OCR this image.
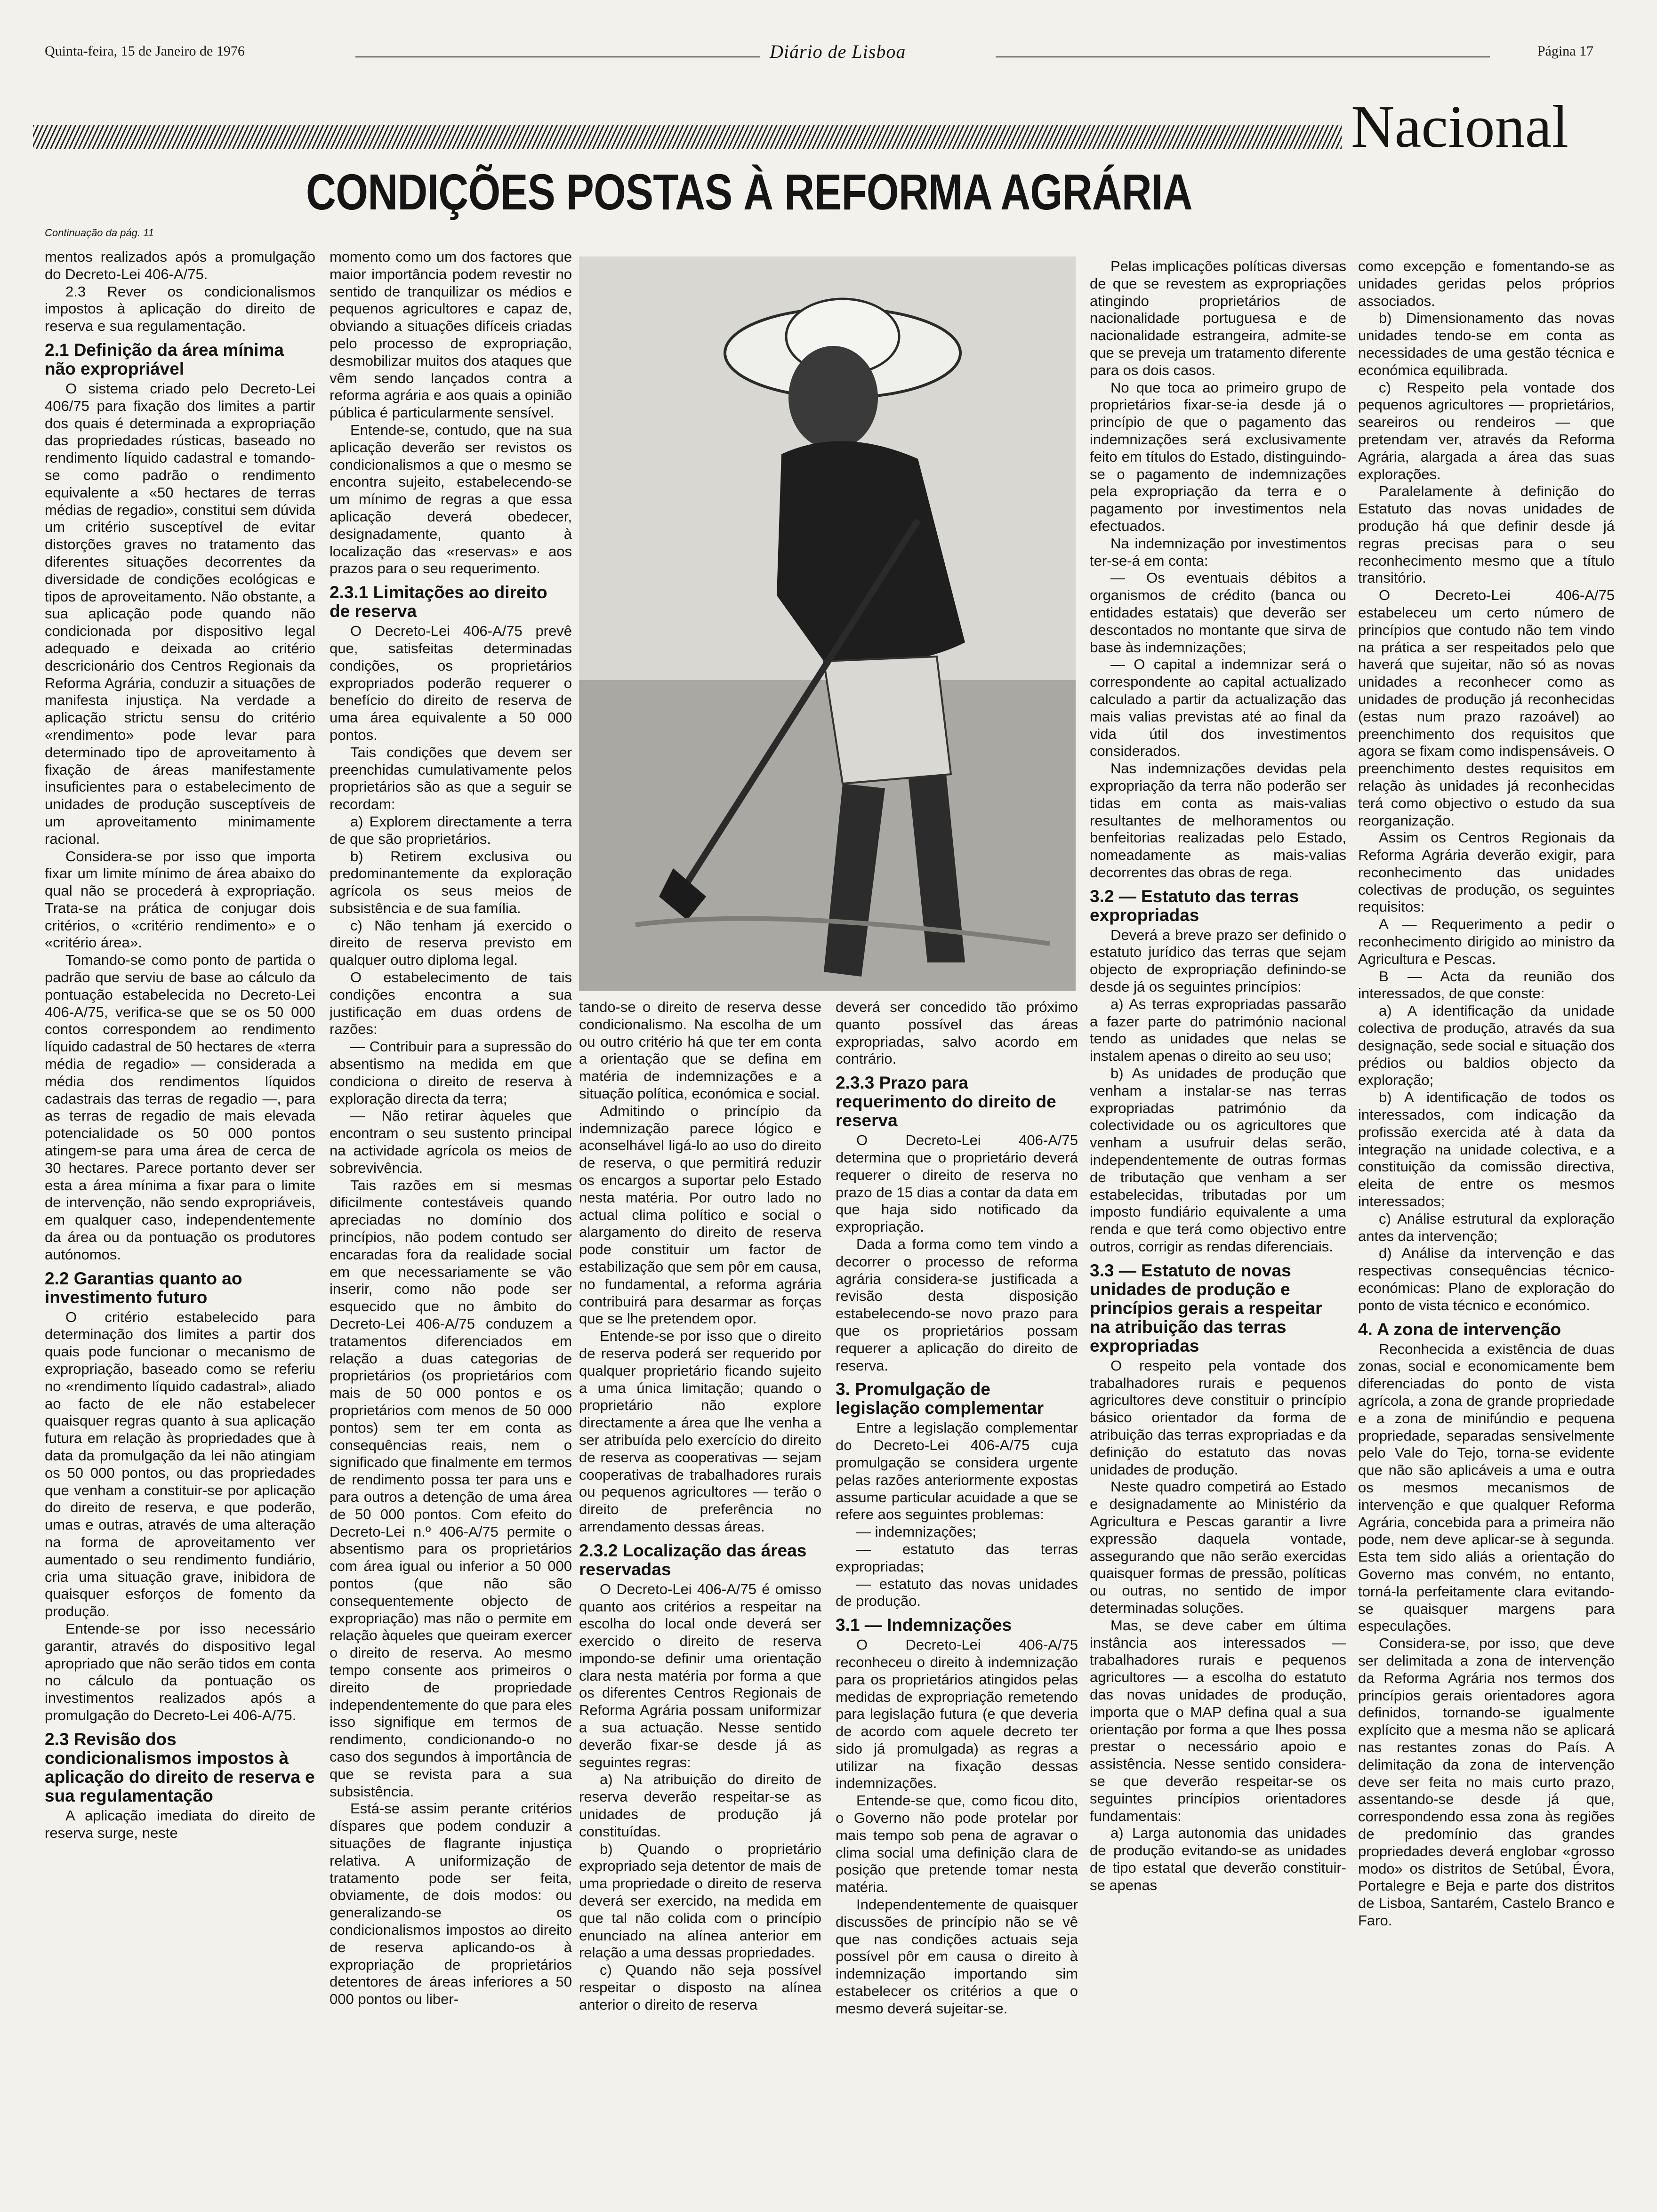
Quinta-feira, 15 de Janeiro de 1976	Diário de Lisboa	Página 17
Nacional
CONDIÇÕES POSTAS À REFORMA AGRÁRIA
Continuação da pág. 11

mentos realizados após a promulgação do Decreto-Lei 406-A/75.

2.3 Rever os condicionalismos impostos à aplicação do direito de reserva e sua regulamentação.

2.1 Definição da área mínima não expropriável

O sistema criado pelo Decreto-Lei 406/75 para fixação dos limites a partir dos quais é determinada a expropriação das propriedades rústicas, baseado no rendimento líquido cadastral e tomando-se como padrão o rendimento equivalente a «50 hectares de terras médias de regadio», constitui sem dúvida um critério susceptível de evitar distorções graves no tratamento das diferentes situações decorrentes da diversidade de condições ecológicas e tipos de aproveitamento. Não obstante, a sua aplicação pode quando não condicionada por dispositivo legal adequado e deixada ao critério descricionário dos Centros Regionais da Reforma Agrária, conduzir a situações de manifesta injustiça. Na verdade a aplicação strictu sensu do critério «rendimento» pode levar para determinado tipo de aproveitamento à fixação de áreas manifestamente insuficientes para o estabelecimento de unidades de produção susceptíveis de um aproveitamento minimamente racional.

Considera-se por isso que importa fixar um limite mínimo de área abaixo do qual não se procederá à expropriação. Trata-se na prática de conjugar dois critérios, o «critério rendimento» e o «critério área».

Tomando-se como ponto de partida o padrão que serviu de base ao cálculo da pontuação estabelecida no Decreto-Lei 406-A/75, verifica-se que se os 50 000 contos correspondem ao rendimento líquido cadastral de 50 hectares de «terra média de regadio» — considerada a média dos rendimentos líquidos cadastrais das terras de regadio —, para as terras de regadio de mais elevada potencialidade os 50 000 pontos atingem-se para uma área de cerca de 30 hectares. Parece portanto dever ser esta a área mínima a fixar para o limite de intervenção, não sendo expropriáveis, em qualquer caso, independentemente da área ou da pontuação os produtores autónomos.

2.2 Garantias quanto ao investimento futuro

O critério estabelecido para determinação dos limites a partir dos quais pode funcionar o mecanismo de expropriação, baseado como se referiu no «rendimento líquido cadastral», aliado ao facto de ele não estabelecer quaisquer regras quanto à sua aplicação futura em relação às propriedades que à data da promulgação da lei não atingiam os 50 000 pontos, ou das propriedades que venham a constituir-se por aplicação do direito de reserva, e que poderão, umas e outras, através de uma alteração na forma de aproveitamento ver aumentado o seu rendimento fundiário, cria uma situação grave, inibidora de quaisquer esforços de fomento da produção.

Entende-se por isso necessário garantir, através do dispositivo legal apropriado que não serão tidos em conta no cálculo da pontuação os investimentos realizados após a promulgação do Decreto-Lei 406-A/75.

2.3 Revisão dos condicionalismos impostos à aplicação do direito de reserva e sua regulamentação

A aplicação imediata do direito de reserva surge, neste

momento como um dos factores que maior importância podem revestir no sentido de tranquilizar os médios e pequenos agricultores e capaz de, obviando a situações difíceis criadas pelo processo de expropriação, desmobilizar muitos dos ataques que vêm sendo lançados contra a reforma agrária e aos quais a opinião pública é particularmente sensível.

Entende-se, contudo, que na sua aplicação deverão ser revistos os condicionalismos a que o mesmo se encontra sujeito, estabelecendo-se um mínimo de regras a que essa aplicação deverá obedecer, designadamente, quanto à localização das «reservas» e aos prazos para o seu requerimento.

2.3.1 Limitações ao direito de reserva

O Decreto-Lei 406-A/75 prevê que, satisfeitas determinadas condições, os proprietários expropriados poderão requerer o benefício do direito de reserva de uma área equivalente a 50 000 pontos.

Tais condições que devem ser preenchidas cumulativamente pelos proprietários são as que a seguir se recordam:

a) Explorem directamente a terra de que são proprietários.

b) Retirem exclusiva ou predominantemente da exploração agrícola os seus meios de subsistência e de sua família.

c) Não tenham já exercido o direito de reserva previsto em qualquer outro diploma legal.

O estabelecimento de tais condições encontra a sua justificação em duas ordens de razões:

— Contribuir para a supressão do absentismo na medida em que condiciona o direito de reserva à exploração directa da terra;

— Não retirar àqueles que encontram o seu sustento principal na actividade agrícola os meios de sobrevivência.

Tais razões em si mesmas dificilmente contestáveis quando apreciadas no domínio dos princípios, não podem contudo ser encaradas fora da realidade social em que necessariamente se vão inserir, como não pode ser esquecido que no âmbito do Decreto-Lei 406-A/75 conduzem a tratamentos diferenciados em relação a duas categorias de proprietários (os proprietários com mais de 50 000 pontos e os proprietários com menos de 50 000 pontos) sem ter em conta as consequências reais, nem o significado que finalmente em termos de rendimento possa ter para uns e para outros a detenção de uma área de 50 000 pontos. Com efeito do Decreto-Lei n.º 406-A/75 permite o absentismo para os proprietários com área igual ou inferior a 50 000 pontos (que não são consequentemente objecto de expropriação) mas não o permite em relação àqueles que queiram exercer o direito de reserva. Ao mesmo tempo consente aos primeiros o direito de propriedade independentemente do que para eles isso signifique em termos de rendimento, condicionando-o no caso dos segundos à importância de que se revista para a sua subsistência.

Está-se assim perante critérios díspares que podem conduzir a situações de flagrante injustiça relativa. A uniformização de tratamento pode ser feita, obviamente, de dois modos: ou generalizando-se os condicionalismos impostos ao direito de reserva aplicando-os à expropriação de proprietários detentores de áreas inferiores a 50 000 pontos ou liber-

tando-se o direito de reserva desse condicionalismo. Na escolha de um ou outro critério há que ter em conta a orientação que se defina em matéria de indemnizações e a situação política, económica e social.

Admitindo o princípio da indemnização parece lógico e aconselhável ligá-lo ao uso do direito de reserva, o que permitirá reduzir os encargos a suportar pelo Estado nesta matéria. Por outro lado no actual clima político e social o alargamento do direito de reserva pode constituir um factor de estabilização que sem pôr em causa, no fundamental, a reforma agrária contribuirá para desarmar as forças que se lhe pretendem opor.

Entende-se por isso que o direito de reserva poderá ser requerido por qualquer proprietário ficando sujeito a uma única limitação; quando o proprietário não explore directamente a área que lhe venha a ser atribuída pelo exercício do direito de reserva as cooperativas — sejam cooperativas de trabalhadores rurais ou pequenos agricultores — terão o direito de preferência no arrendamento dessas áreas.

2.3.2 Localização das áreas reservadas

O Decreto-Lei 406-A/75 é omisso quanto aos critérios a respeitar na escolha do local onde deverá ser exercido o direito de reserva impondo-se definir uma orientação clara nesta matéria por forma a que os diferentes Centros Regionais de Reforma Agrária possam uniformizar a sua actuação. Nesse sentido deverão fixar-se desde já as seguintes regras:

a) Na atribuição do direito de reserva deverão respeitar-se as unidades de produção já constituídas.

b) Quando o proprietário expropriado seja detentor de mais de uma propriedade o direito de reserva deverá ser exercido, na medida em que tal não colida com o princípio enunciado na alínea anterior em relação a uma dessas propriedades.

c) Quando não seja possível respeitar o disposto na alínea anterior o direito de reserva

deverá ser concedido tão próximo quanto possível das áreas expropriadas, salvo acordo em contrário.

2.3.3 Prazo para requerimento do direito de reserva

O Decreto-Lei 406-A/75 determina que o proprietário deverá requerer o direito de reserva no prazo de 15 dias a contar da data em que haja sido notificado da expropriação.

Dada a forma como tem vindo a decorrer o processo de reforma agrária considera-se justificada a revisão desta disposição estabelecendo-se novo prazo para que os proprietários possam requerer a aplicação do direito de reserva.

3. Promulgação de legislação complementar

Entre a legislação complementar do Decreto-Lei 406-A/75 cuja promulgação se considera urgente pelas razões anteriormente expostas assume particular acuidade a que se refere aos seguintes problemas:

— indemnizações;

— estatuto das terras expropriadas;

— estatuto das novas unidades de produção.

3.1 — Indemnizações

O Decreto-Lei 406-A/75 reconheceu o direito à indemnização para os proprietários atingidos pelas medidas de expropriação remetendo para legislação futura (e que deveria de acordo com aquele decreto ter sido já promulgada) as regras a utilizar na fixação dessas indemnizações.

Entende-se que, como ficou dito, o Governo não pode protelar por mais tempo sob pena de agravar o clima social uma definição clara de posição que pretende tomar nesta matéria.

Independentemente de quaisquer discussões de princípio não se vê que nas condições actuais seja possível pôr em causa o direito à indemnização importando sim estabelecer os critérios a que o mesmo deverá sujeitar-se.

Pelas implicações políticas diversas de que se revestem as expropriações atingindo proprietários de nacionalidade portuguesa e de nacionalidade estrangeira, admite-se que se preveja um tratamento diferente para os dois casos.

No que toca ao primeiro grupo de proprietários fixar-se-ia desde já o princípio de que o pagamento das indemnizações será exclusivamente feito em títulos do Estado, distinguindo-se o pagamento de indemnizações pela expropriação da terra e o pagamento por investimentos nela efectuados.

Na indemnização por investimentos ter-se-á em conta:

— Os eventuais débitos a organismos de crédito (banca ou entidades estatais) que deverão ser descontados no montante que sirva de base às indemnizações;

— O capital a indemnizar será o correspondente ao capital actualizado calculado a partir da actualização das mais valias previstas até ao final da vida útil dos investimentos considerados.

Nas indemnizações devidas pela expropriação da terra não poderão ser tidas em conta as mais-valias resultantes de melhoramentos ou benfeitorias realizadas pelo Estado, nomeadamente as mais-valias decorrentes das obras de rega.

3.2 — Estatuto das terras expropriadas

Deverá a breve prazo ser definido o estatuto jurídico das terras que sejam objecto de expropriação definindo-se desde já os seguintes princípios:

a) As terras expropriadas passarão a fazer parte do património nacional tendo as unidades que nelas se instalem apenas o direito ao seu uso;

b) As unidades de produção que venham a instalar-se nas terras expropriadas património da colectividade ou os agricultores que venham a usufruir delas serão, independentemente de outras formas de tributação que venham a ser estabelecidas, tributadas por um imposto fundiário equivalente a uma renda e que terá como objectivo entre outros, corrigir as rendas diferenciais.

3.3 — Estatuto de novas unidades de produção e princípios gerais a respeitar na atribuição das terras expropriadas

O respeito pela vontade dos trabalhadores rurais e pequenos agricultores deve constituir o princípio básico orientador da forma de atribuição das terras expropriadas e da definição do estatuto das novas unidades de produção.

Neste quadro competirá ao Estado e designadamente ao Ministério da Agricultura e Pescas garantir a livre expressão daquela vontade, assegurando que não serão exercidas quaisquer formas de pressão, políticas ou outras, no sentido de impor determinadas soluções.

Mas, se deve caber em última instância aos interessados — trabalhadores rurais e pequenos agricultores — a escolha do estatuto das novas unidades de produção, importa que o MAP defina qual a sua orientação por forma a que lhes possa prestar o necessário apoio e assistência. Nesse sentido considera-se que deverão respeitar-se os seguintes princípios orientadores fundamentais:

a) Larga autonomia das unidades de produção evitando-se as unidades de tipo estatal que deverão constituir-se apenas

como excepção e fomentando-se as unidades geridas pelos próprios associados.

b) Dimensionamento das novas unidades tendo-se em conta as necessidades de uma gestão técnica e económica equilibrada.

c) Respeito pela vontade dos pequenos agricultores — proprietários, seareiros ou rendeiros — que pretendam ver, através da Reforma Agrária, alargada a área das suas explorações.

Paralelamente à definição do Estatuto das novas unidades de produção há que definir desde já regras precisas para o seu reconhecimento mesmo que a título transitório.

O Decreto-Lei 406-A/75 estabeleceu um certo número de princípios que contudo não tem vindo na prática a ser respeitados pelo que haverá que sujeitar, não só as novas unidades a reconhecer como as unidades de produção já reconhecidas (estas num prazo razoável) ao preenchimento dos requisitos que agora se fixam como indispensáveis. O preenchimento destes requisitos em relação às unidades já reconhecidas terá como objectivo o estudo da sua reorganização.

Assim os Centros Regionais da Reforma Agrária deverão exigir, para reconhecimento das unidades colectivas de produção, os seguintes requisitos:

A — Requerimento a pedir o reconhecimento dirigido ao ministro da Agricultura e Pescas.

B — Acta da reunião dos interessados, de que conste:

a) A identificação da unidade colectiva de produção, através da sua designação, sede social e situação dos prédios ou baldios objecto da exploração;

b) A identificação de todos os interessados, com indicação da profissão exercida até à data da integração na unidade colectiva, e a constituição da comissão directiva, eleita de entre os mesmos interessados;

c) Análise estrutural da exploração antes da intervenção;

d) Análise da intervenção e das respectivas consequências técnico-económicas: Plano de exploração do ponto de vista técnico e económico.

4. A zona de intervenção

Reconhecida a existência de duas zonas, social e economicamente bem diferenciadas do ponto de vista agrícola, a zona de grande propriedade e a zona de minifúndio e pequena propriedade, separadas sensivelmente pelo Vale do Tejo, torna-se evidente que não são aplicáveis a uma e outra os mesmos mecanismos de intervenção e que qualquer Reforma Agrária, concebida para a primeira não pode, nem deve aplicar-se à segunda. Esta tem sido aliás a orientação do Governo mas convém, no entanto, torná-la perfeitamente clara evitando-se quaisquer margens para especulações.

Considera-se, por isso, que deve ser delimitada a zona de intervenção da Reforma Agrária nos termos dos princípios gerais orientadores agora definidos, tornando-se igualmente explícito que a mesma não se aplicará nas restantes zonas do País. A delimitação da zona de intervenção deve ser feita no mais curto prazo, assentando-se desde já que, correspondendo essa zona às regiões de predomínio das grandes propriedades deverá englobar «grosso modo» os distritos de Setúbal, Évora, Portalegre e Beja e parte dos distritos de Lisboa, Santarém, Castelo Branco e Faro.
